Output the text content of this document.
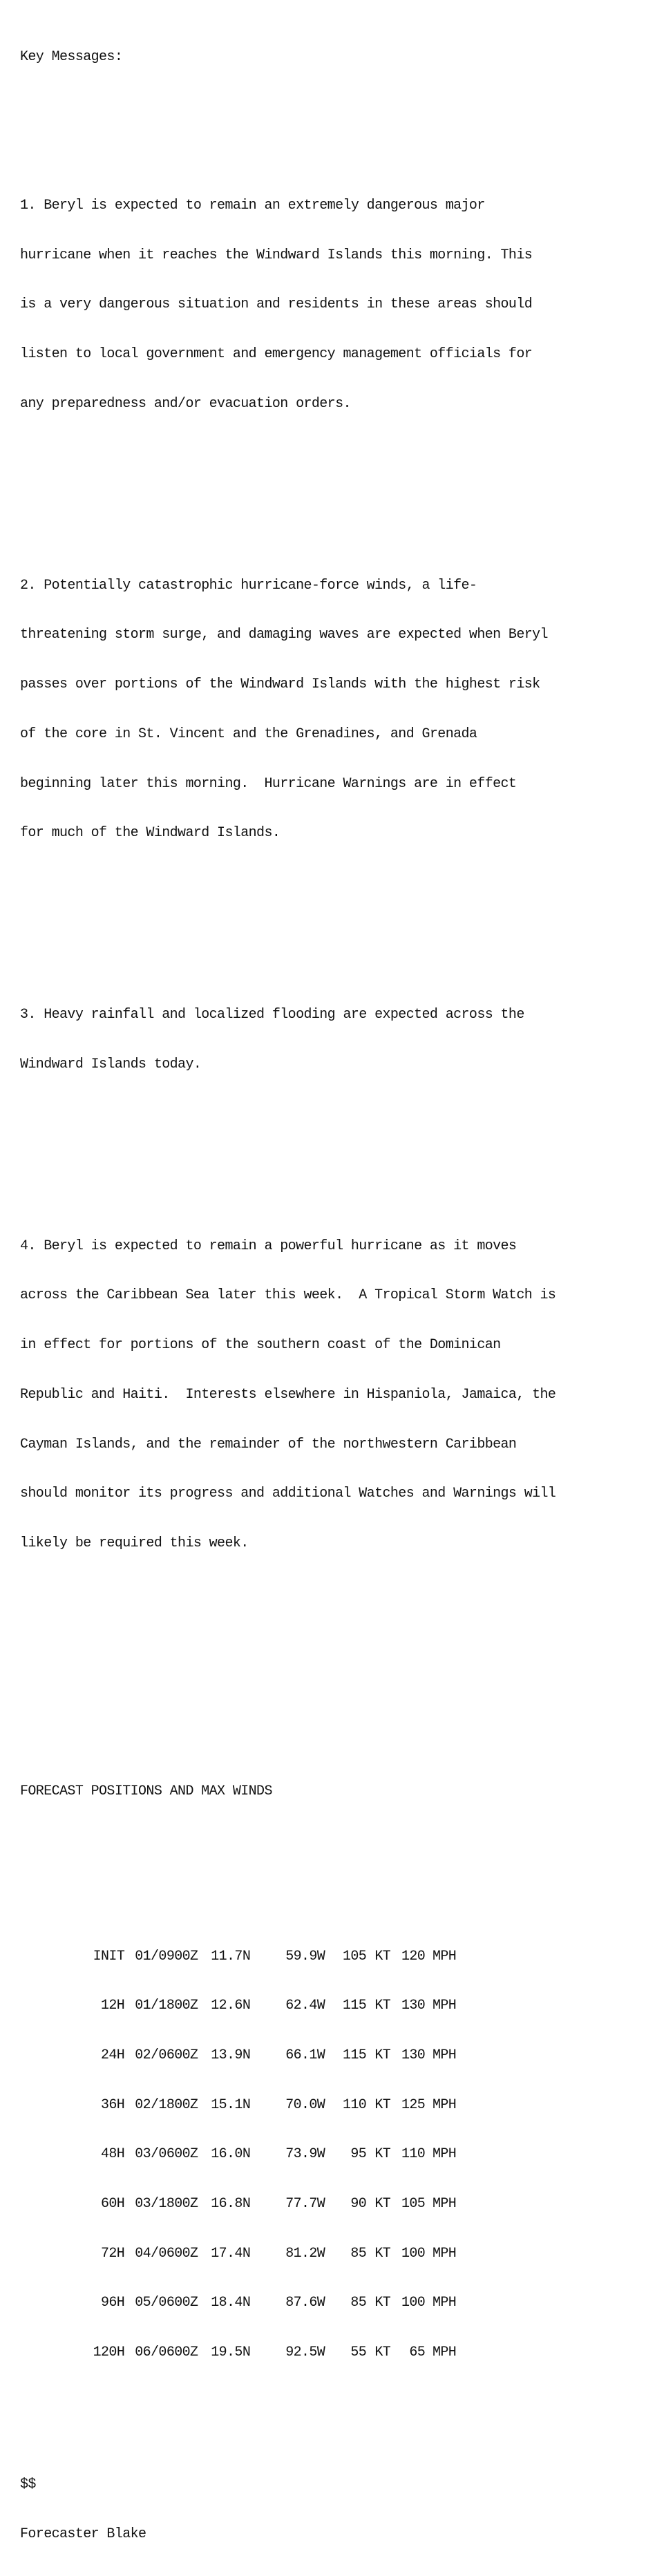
Key Messages:

1. Beryl is expected to remain an extremely dangerous major

hurricane when it reaches the Windward Islands this morning. This

is a very dangerous situation and residents in these areas should

listen to local government and emergency management officials for

any preparedness and/or evacuation orders.

2. Potentially catastrophic hurricane-force winds, a life-

threatening storm surge, and damaging waves are expected when Beryl

passes over portions of the Windward Islands with the highest risk

of the core in St. Vincent and the Grenadines, and Grenada

beginning later this morning.  Hurricane Warnings are in effect

for much of the Windward Islands.

3. Heavy rainfall and localized flooding are expected across the

Windward Islands today.

4. Beryl is expected to remain a powerful hurricane as it moves

across the Caribbean Sea later this week.  A Tropical Storm Watch is

in effect for portions of the southern coast of the Dominican

Republic and Haiti.  Interests elsewhere in Hispaniola, Jamaica, the

Cayman Islands, and the remainder of the northwestern Caribbean

should monitor its progress and additional Watches and Warnings will

likely be required this week.

FORECAST POSITIONS AND MAX WINDS

INIT 01/0900Z 11.7N	59.9W 105 KT 120 MPH

12H 01/1800Z 12.6N	62.4W 115 KT 130 MPH

24H 02/0600Z 13.9N	66.1W 115 KT 130 MPH

36H 02/1800Z 15.1N	70.0W 110 KT 125 MPH

48H 03/0600Z 16.0N	73.9W 95 KT 110 MPH

60H 03/1800Z 16.8N	77.7W 90 KT 105 MPH

72H 04/0600Z 17.4N	81.2W 85 KT 100 MPH

96H 05/0600Z 18.4N	87.6W 85 KT 100 MPH

120H 06/0600Z 19.5N	92.5W 55 KT 65 MPH

$$

Forecaster Blake
